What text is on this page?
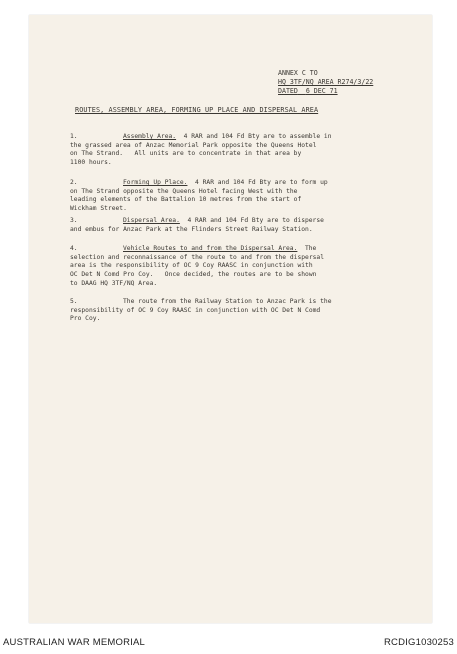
ANNEX C TO
HQ 3TF/NQ AREA R274/3/22
DATED 6 DEC 71
ROUTES, ASSEMBLY AREA, FORMING UP PLACE AND DISPERSAL AREA
1.	Assembly Area.  4 RAR and 104 Fd Bty are to assemble in
the grassed area of Anzac Memorial Park opposite the Queens Hotel
on The Strand.   All units are to concentrate in that area by
1100 hours.
2.	Forming Up Place.  4 RAR and 104 Fd Bty are to form up
on The Strand opposite the Queens Hotel facing West with the
leading elements of the Battalion 10 metres from the start of
Wickham Street.
3.	Dispersal Area.  4 RAR and 104 Fd Bty are to disperse
and embus for Anzac Park at the Flinders Street Railway Station.
4.	Vehicle Routes to and from the Dispersal Area.  The
selection and reconnaissance of the route to and from the dispersal
area is the responsibility of OC 9 Coy RAASC in conjunction with
OC Det N Comd Pro Coy.   Once decided, the routes are to be shown
to DAAG HQ 3TF/NQ Area.
5.	The route from the Railway Station to Anzac Park is the
responsibility of OC 9 Coy RAASC in conjunction with OC Det N Comd
Pro Coy.
AUSTRALIAN WAR MEMORIAL	RCDIG1030253
